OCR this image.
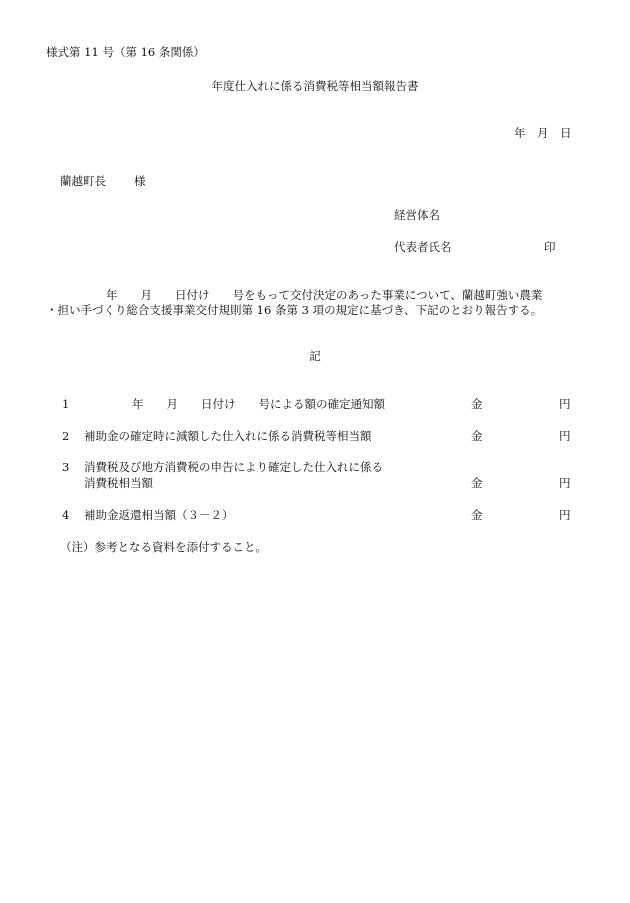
様式第 11 号（第 16 条関係）
年度仕入れに係る消費税等相当額報告書
年　月　日
蘭越町長 様
経営体名
代表者氏名	印
年　　月　　日付け　　号をもって交付決定のあった事業について、蘭越町強い農業
・担い手づくり総合支援事業交付規則第 16 条第 3 項の規定に基づき、下記のとおり報告する。
記
1	年　　月　　日付け　　号による額の確定通知額	金	円
2 補助金の確定時に減額した仕入れに係る消費税等相当額	金	円
3 消費税及び地方消費税の申告により確定した仕入れに係る
消費税相当額	金	円
4 補助金返還相当額（３－２）	金	円
（注）参考となる資料を添付すること。
